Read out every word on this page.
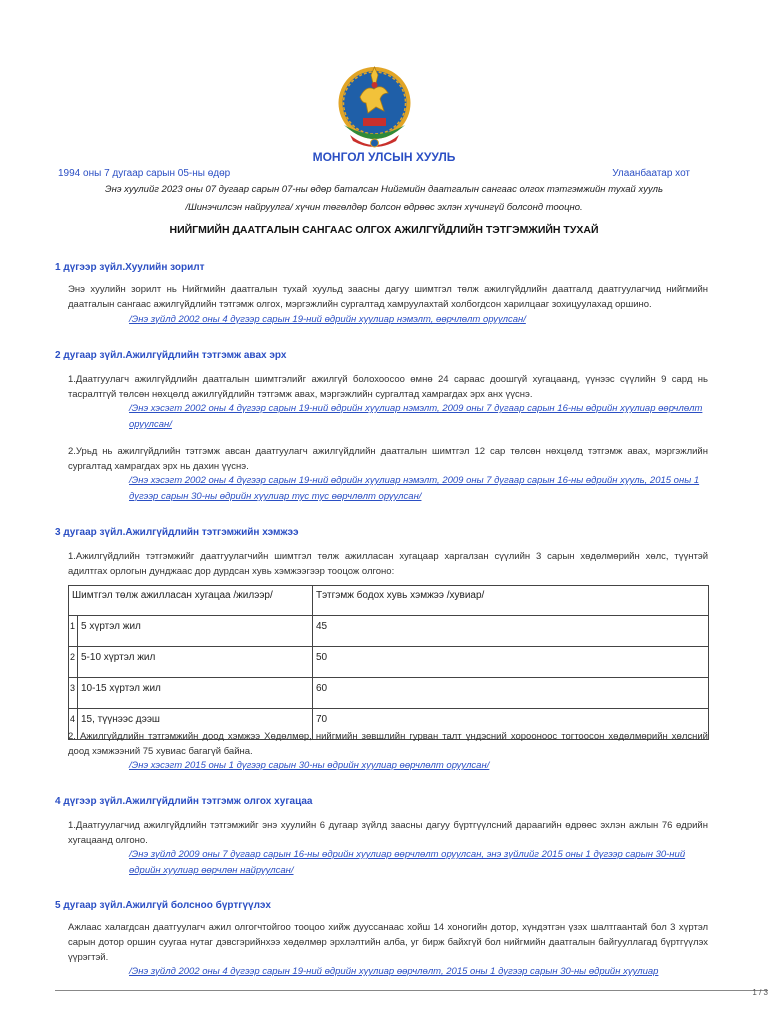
МОНГОЛ УЛСЫН ХУУЛЬ
1994 оны 7 дугаар сарын 05-ны өдөр	Улаанбаатар хот
Энэ хуулийг 2023 оны 07 дугаар сарын 07-ны өдөр баталсан Нийгмийн даатгалын сангаас олгох тэтгэмжийн тухай хууль
/Шинэчилсэн найруулга/ хүчин төгөлдөр болсон өдрөөс эхлэн хүчингүй болсонд тооцно.
НИЙГМИЙН ДААТГАЛЫН САНГААС ОЛГОХ АЖИЛГҮЙДЛИЙН ТЭТГЭМЖИЙН ТУХАЙ
1 дүгээр зүйл.Хуулийн зорилт
Энэ хуулийн зорилт нь Нийгмийн даатгалын тухай хуульд заасны дагуу шимтгэл төлж ажилгүйдлийн даатгалд даатгуулагчид нийгмийн даатгалын сангаас ажилгүйдлийн тэтгэмж олгох, мэргэжлийн сургалтад хамруулахтай холбогдсон харилцааг зохицуулахад оршино.
/Энэ зүйлд 2002 оны 4 дүгээр сарын 19-ний өдрийн хуулиар нэмэлт, өөрчлөлт оруулсан/
2 дугаар зүйл.Ажилгүйдлийн тэтгэмж авах эрх
1.Даатгуулагч ажилгүйдлийн даатгалын шимтгэлийг ажилгүй болохоосоо өмнө 24 сараас доошгүй хугацаанд, үүнээс сүүлийн 9 сард нь тасралтгүй төлсөн нөхцөлд ажилгүйдлийн тэтгэмж авах, мэргэжлийн сургалтад хамрагдах эрх анх үүснэ.
/Энэ хэсэгт 2002 оны 4 дүгээр сарын 19-ний өдрийн хуулиар нэмэлт, 2009 оны 7 дугаар сарын 16-ны өдрийн хуулиар өөрчлөлт оруулсан/
2.Урьд нь ажилгүйдлийн тэтгэмж авсан даатгуулагч ажилгүйдлийн даатгалын шимтгэл 12 сар төлсөн нөхцөлд тэтгэмж авах, мэргэжлийн сургалтад хамрагдах эрх нь дахин үүснэ.
/Энэ хэсэгт 2002 оны 4 дүгээр сарын 19-ний өдрийн хуулиар нэмэлт, 2009 оны 7 дугаар сарын 16-ны өдрийн хууль, 2015 оны 1 дүгээр сарын 30-ны өдрийн хуулиар тус тус өөрчлөлт оруулсан/
3 дугаар зүйл.Ажилгүйдлийн тэтгэмжийн хэмжээ
1.Ажилгүйдлийн тэтгэмжийг даатгуулагчийн шимтгэл төлж ажилласан хугацаар харгалзан сүүлийн 3 сарын хөдөлмөрийн хөлс, түүнтэй адилтгах орлогын дунджаас дор дурдсан хувь хэмжээгээр тооцож олгоно:
Шимтгэл төлж ажилласан хугацаа /жилээр/		Тэтгэмж бодох хувь хэмжээ /хувиар/
1	5 хүртэл жил	45
2	5-10 хүртэл жил	50
3	10-15 хүртэл жил	60
4	15, түүнээс дээш	70
2. Ажилгүйдлийн тэтгэмжийн доод хэмжээ Хөдөлмөр, нийгмийн зөвшлийн гурван талт үндэсний хорооноос тогтоосон хөдөлмөрийн хөлсний доод хэмжээний 75 хувиас багагүй байна.
/Энэ хэсэгт 2015 оны 1 дүгээр сарын 30-ны өдрийн хуулиар өөрчлөлт оруулсан/
4 дүгээр зүйл.Ажилгүйдлийн тэтгэмж олгох хугацаа
1.Даатгуулагчид ажилгүйдлийн тэтгэмжийг энэ хуулийн 6 дугаар зүйлд заасны дагуу бүртгүүлсний дараагийн өдрөөс эхлэн ажлын 76 өдрийн хугацаанд олгоно.
/Энэ зүйлд 2009 оны 7 дугаар сарын 16-ны өдрийн хуулиар өөрчлөлт оруулсан, энэ зүйлийг 2015 оны 1 дүгээр сарын 30-ний өдрийн хуулиар өөрчлөн найруулсан/
5 дугаар зүйл.Ажилгүй болсноо бүртгүүлэх
Ажлаас халагдсан даатгуулагч ажил олгогчтойгоо тооцоо хийж дууссанаас хойш 14 хоногийн дотор, хүндэтгэн үзэх шалтгаантай бол 3 хүртэл сарын дотор оршин суугаа нутаг дэвсгэрийнхээ хөдөлмөр эрхлэлтийн алба, уг бирж байхгүй бол нийгмийн даатгалын байгууллагад бүртгүүлэх үүрэгтэй.
/Энэ зүйлд 2002 оны 4 дүгээр сарын 19-ний өдрийн хуулиар өөрчлөлт, 2015 оны 1 дүгээр сарын 30-ны өдрийн хуулиар
1 / 3
